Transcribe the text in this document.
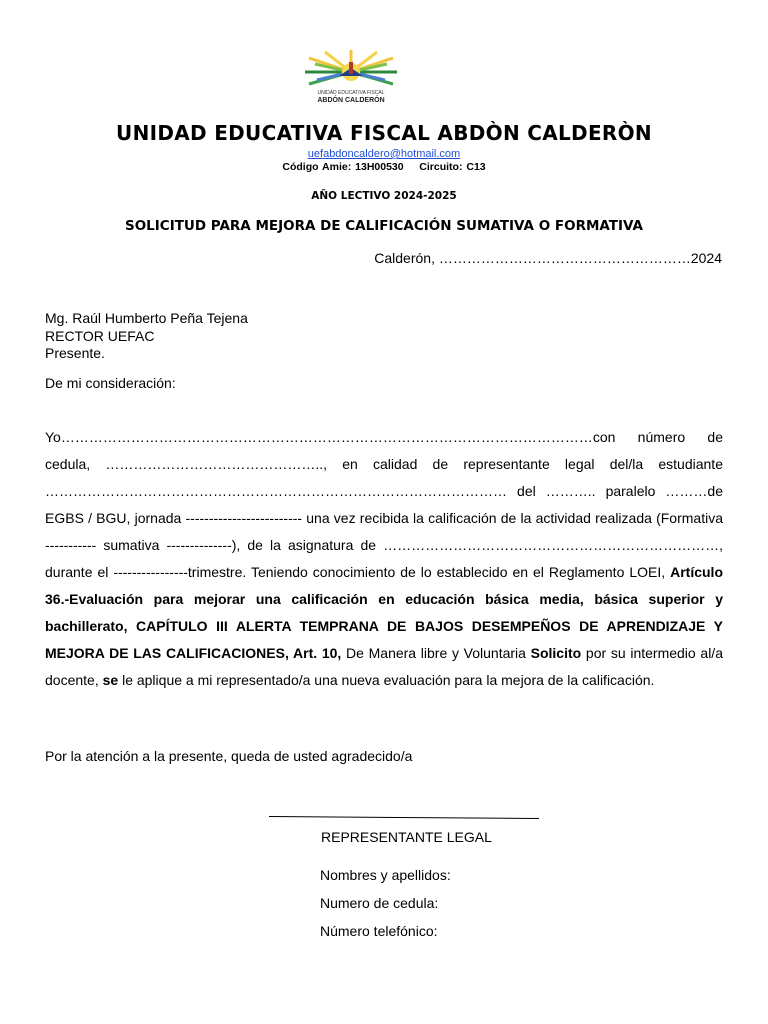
UNIDAD EDUCATIVA FISCAL
ABDÓN CALDERÓN
UNIDAD EDUCATIVA FISCAL ABDÒN CALDERÒN
uefabdoncaldero@hotmail.com
Código Amie: 13H00530    Circuito: C13
AÑO LECTIVO 2024-2025
SOLICITUD PARA MEJORA DE CALIFICACIÓN SUMATIVA O FORMATIVA
Calderón, ………………………………………………2024
Mg. Raúl Humberto Peña Tejena
RECTOR UEFAC
Presente.
De mi consideración:
Yo……………………………………………………………………………………………………con número de cedula, ……………………………………….., en calidad de representante legal del/la estudiante ……………………………………………………………………………………… del ……….. paralelo ………de EGBS / BGU, jornada ------------------------- una vez recibida la calificación de la actividad realizada (Formativa ----------- sumativa --------------), de la asignatura de ………………………………………………………………, durante el ----------------trimestre. Teniendo conocimiento de lo establecido en el Reglamento LOEI, Artículo 36.-Evaluación para mejorar una calificación en educación básica media, básica superior y bachillerato, CAPÍTULO III ALERTA TEMPRANA DE BAJOS DESEMPEÑOS DE APRENDIZAJE Y MEJORA DE LAS CALIFICACIONES, Art. 10, De Manera libre y Voluntaria Solicito por su intermedio al/a docente, se le aplique a mi representado/a una nueva evaluación para la mejora de la calificación.
Por la atención a la presente, queda de usted agradecido/a
REPRESENTANTE LEGAL
Nombres y apellidos:
Numero de cedula:
Número telefónico:
